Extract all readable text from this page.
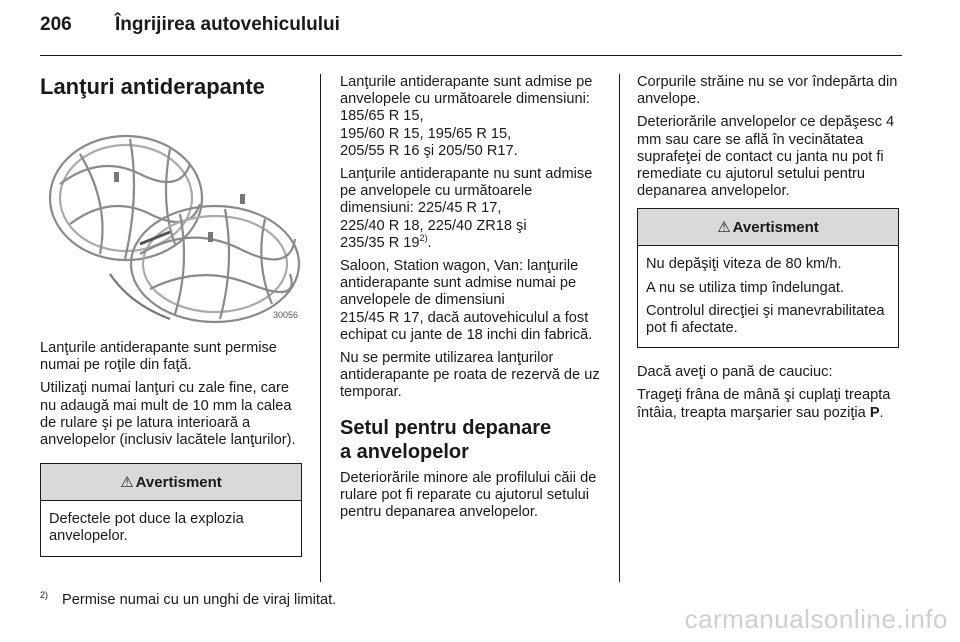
206 Îngrijirea autovehiculului
Lanţuri antiderapante
30056

Lanţurile antiderapante sunt permise numai pe roţile din faţă.

Utilizaţi numai lanţuri cu zale fine, care nu adaugă mai mult de 10 mm la calea de rulare şi pe latura interioară a anvelopelor (inclusiv lacătele lanţurilor).

⚠ Avertisment

Defectele pot duce la explozia anvelopelor.

Lanţurile antiderapante sunt admise pe anvelopele cu următoarele dimensiuni: 185/65 R 15,
195/60 R 15, 195/65 R 15,
205/55 R 16 şi 205/50 R17.

Lanţurile antiderapante nu sunt admise pe anvelopele cu următoarele dimensiuni: 225/45 R 17,
225/40 R 18, 225/40 ZR18 şi
235/35 R 19$^{2)}$.

Saloon, Station wagon, Van: lanţurile antiderapante sunt admise numai pe anvelopele de dimensiuni
215/45 R 17, dacă autovehiculul a fost echipat cu jante de 18 inchi din fabrică.

Nu se permite utilizarea lanţurilor antiderapante pe roata de rezervă de uz temporar.

Setul pentru depanare
a anvelopelor

Deteriorările minore ale profilului căii de rulare pot fi reparate cu ajutorul setului pentru depanarea anvelopelor.

Corpurile străine nu se vor îndepărta din anvelope.

Deteriorările anvelopelor ce depăşesc 4 mm sau care se află în vecinătatea suprafeţei de contact cu janta nu pot fi remediate cu ajutorul setului pentru depanarea anvelopelor.

⚠ Avertisment

Nu depăşiţi viteza de 80 km/h.

A nu se utiliza timp îndelungat.

Controlul direcţiei şi manevrabilitatea pot fi afectate.

Dacă aveţi o pană de cauciuc:

Trageţi frâna de mână şi cuplaţi treapta întâia, treapta marşarier sau poziţia P.

$^{2)}$ Permise numai cu un unghi de viraj limitat.
carmanualsonline.info
